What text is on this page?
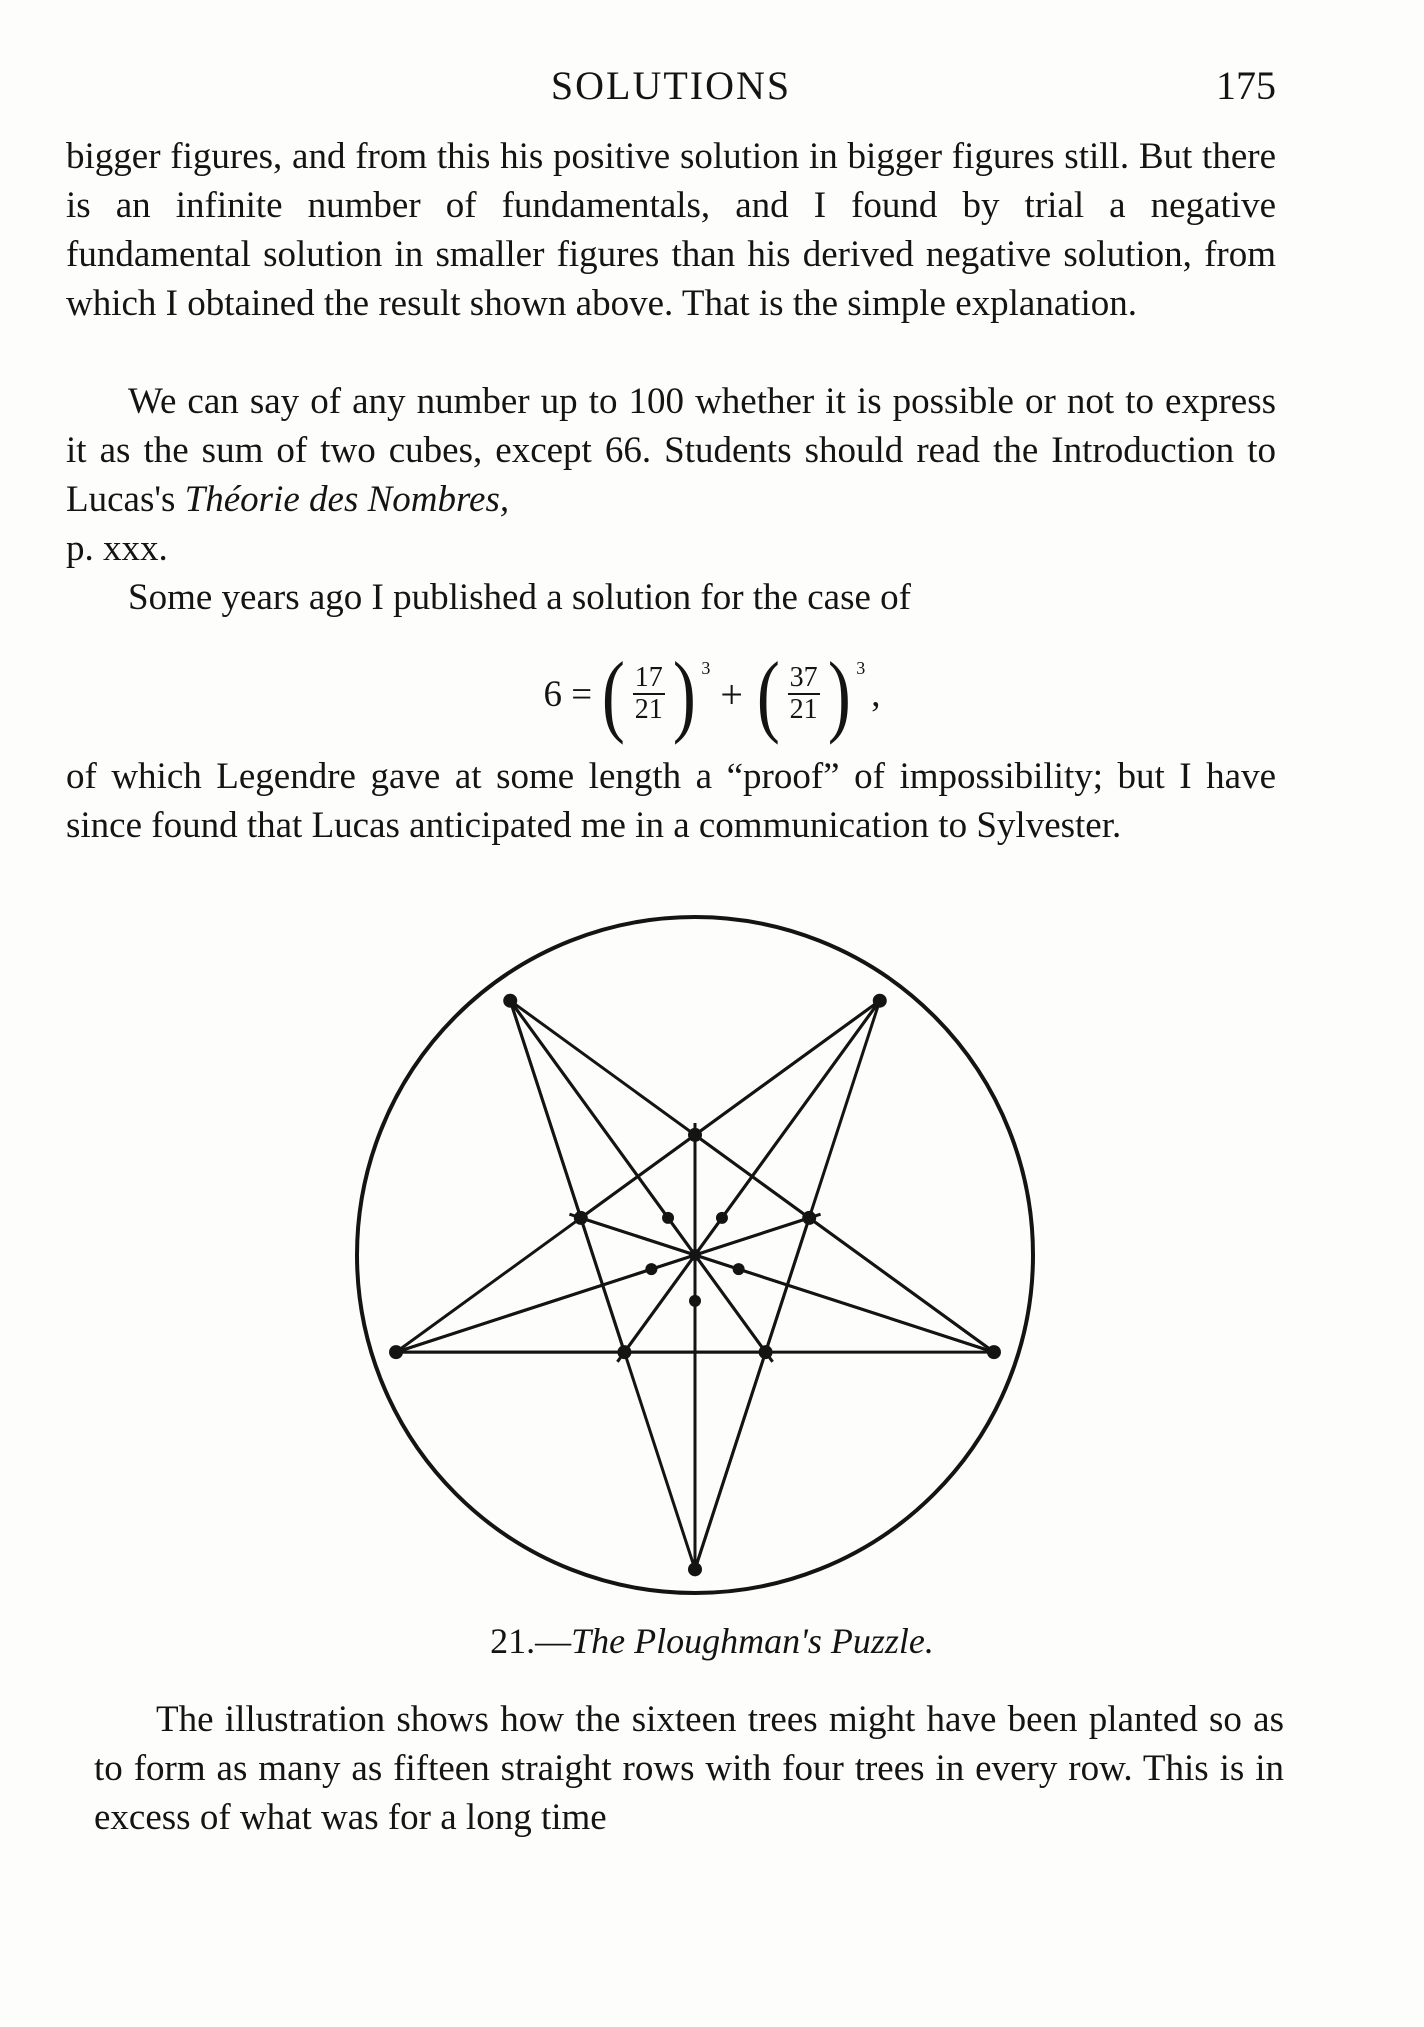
SOLUTIONS	175

bigger figures, and from this his positive solution in bigger figures still. But there is an infinite number of fundamentals, and I found by trial a negative fundamental solution in smaller figures than his derived negative solution, from which I obtained the result shown above. That is the simple explanation.

We can say of any number up to 100 whether it is possible or not to express it as the sum of two cubes, except 66. Students should read the Introduction to Lucas's Théorie des Nombres,

p. xxx.

Some years ago I published a solution for the case of

6 = ( $\frac{17}{21}$ ) 3
+ ( $\frac{37}{21}$ ) 3
,

of which Legendre gave at some length a “proof” of impossibility; but I have since found that Lucas anticipated me in a communication to Sylvester.

21.—The Ploughman's Puzzle.

The illustration shows how the sixteen trees might have been planted so as to form as many as fifteen straight rows with four trees in every row. This is in excess of what was for a long time
